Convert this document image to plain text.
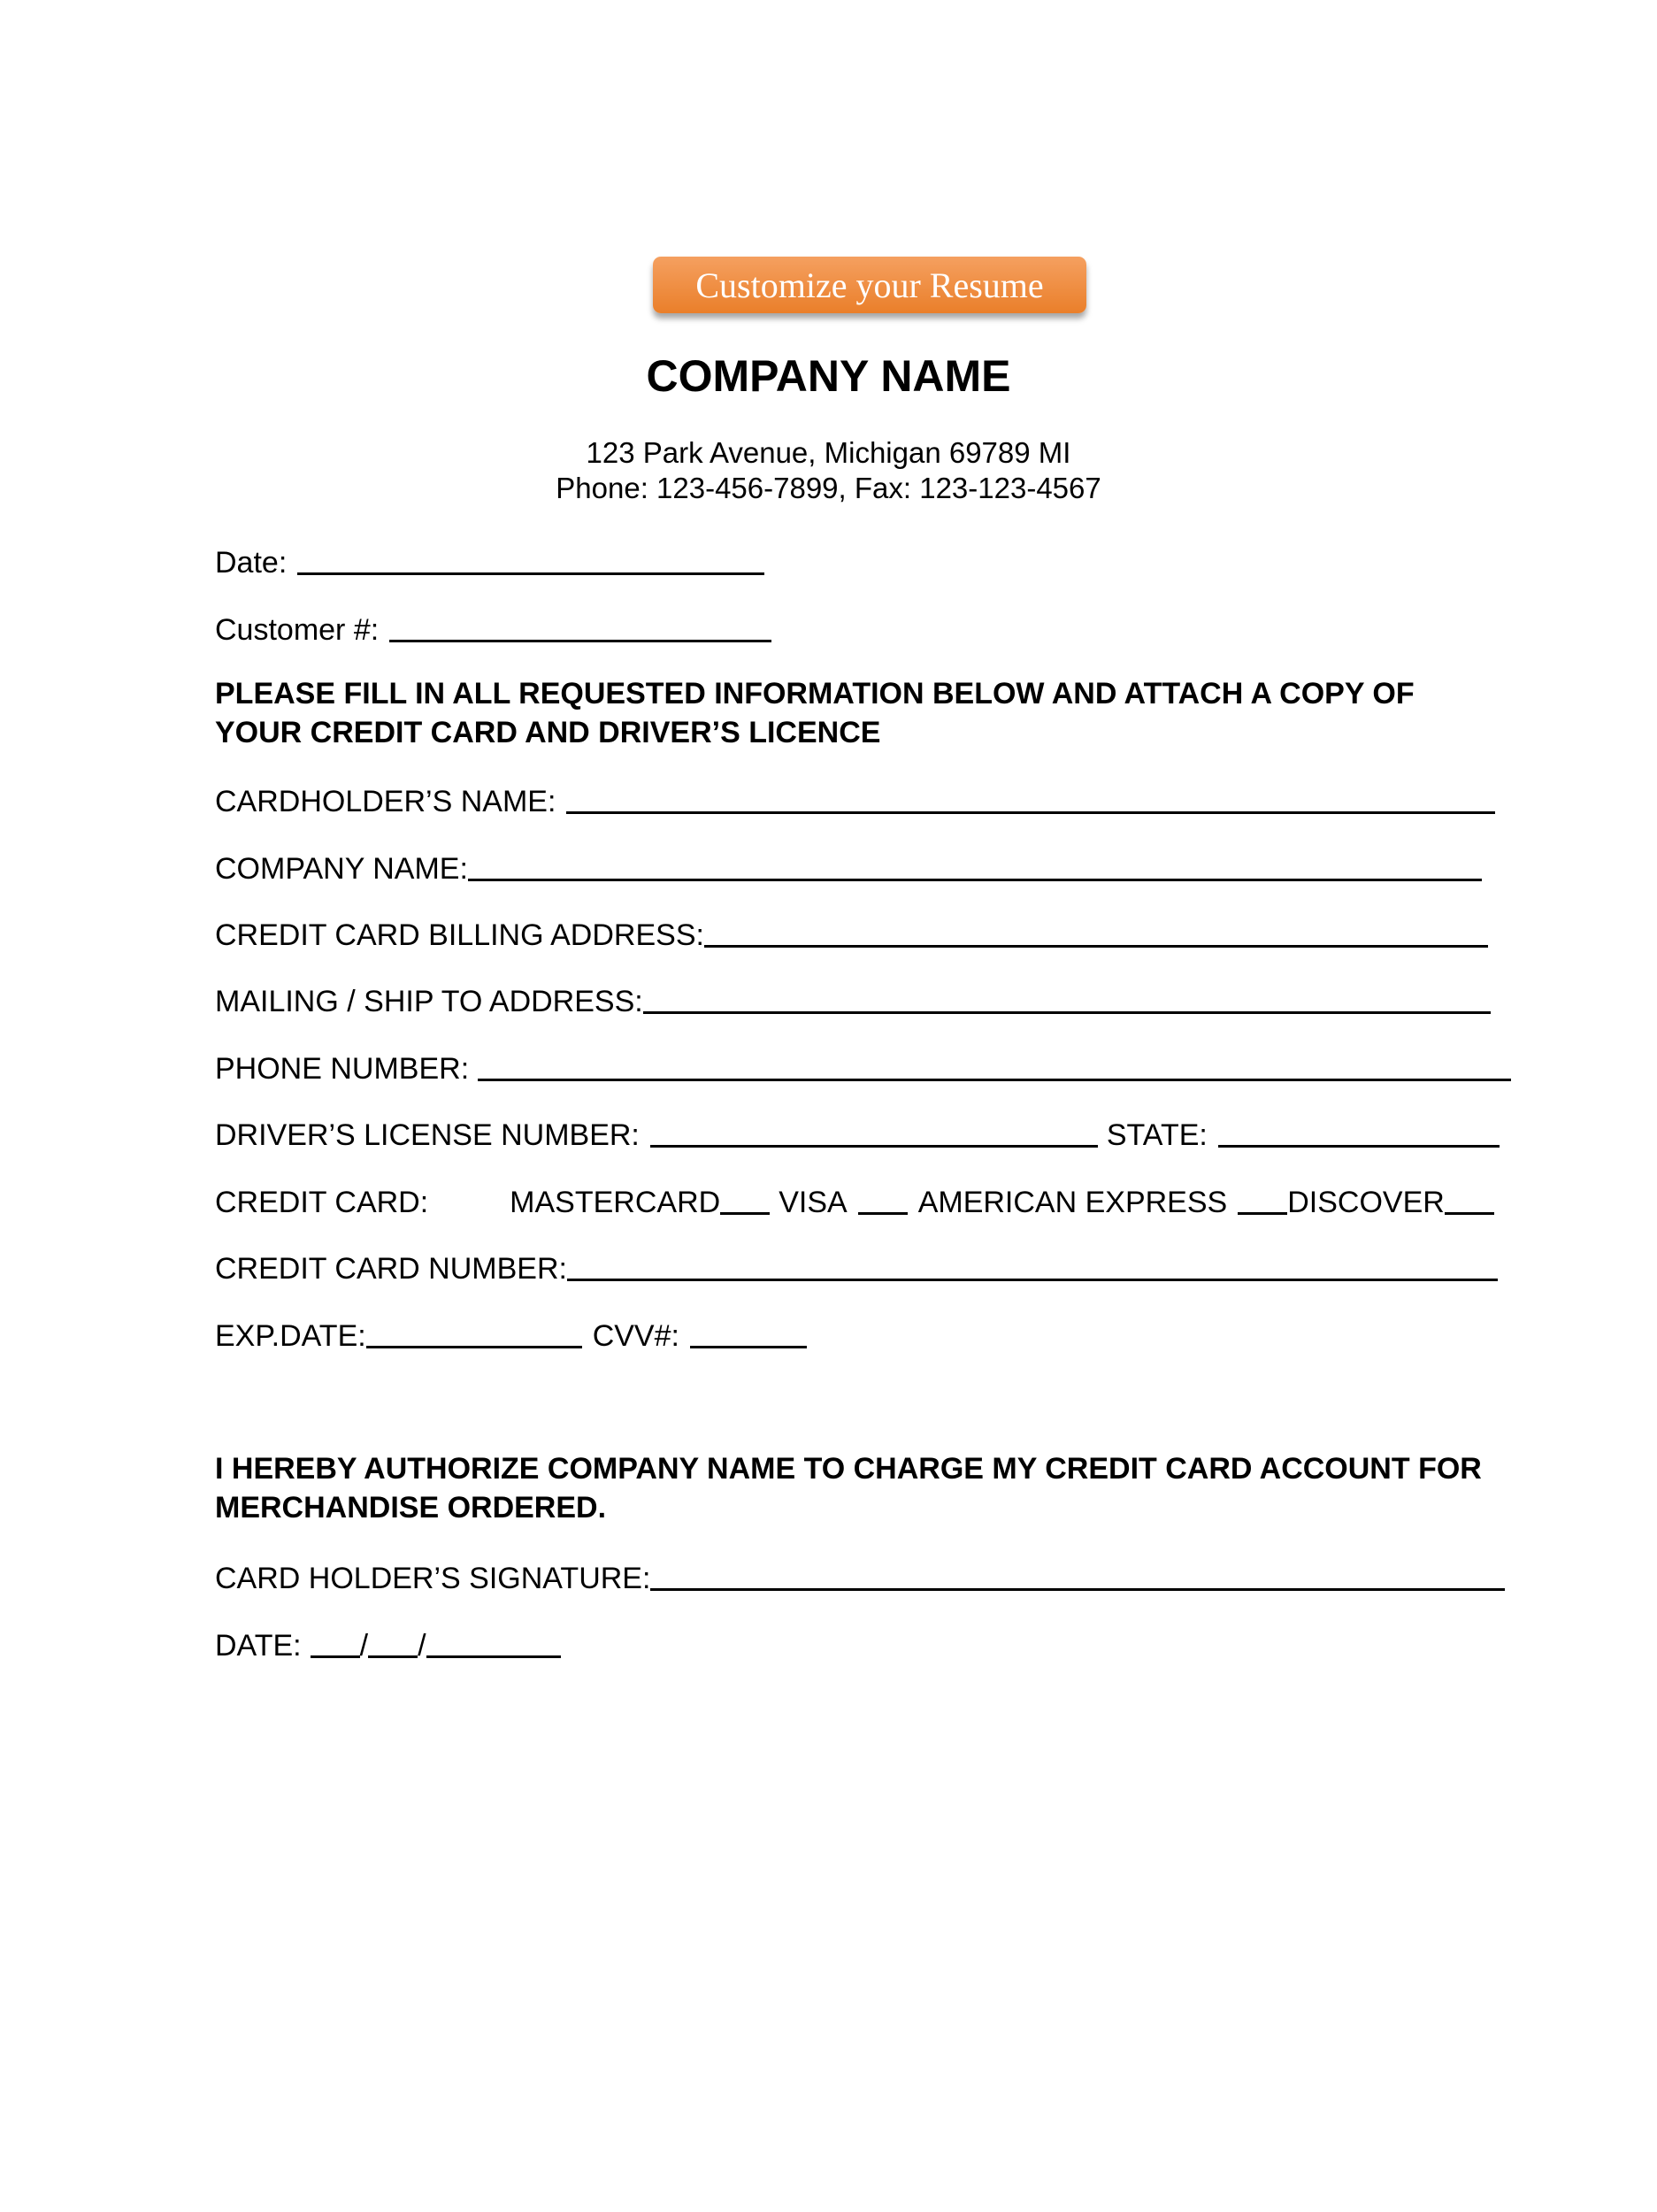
Customize your Resume
COMPANY NAME
123 Park Avenue, Michigan 69789 MI
Phone: 123-456-7899, Fax: 123-123-4567
Date:
Customer #:
PLEASE FILL IN ALL REQUESTED INFORMATION BELOW AND ATTACH A COPY OF
YOUR CREDIT CARD AND DRIVER’S LICENCE
CARDHOLDER’S NAME:
COMPANY NAME:
CREDIT CARD BILLING ADDRESS:
MAILING / SHIP TO ADDRESS:
PHONE NUMBER:
DRIVER’S LICENSE NUMBER:	STATE:
CREDIT CARD:	MASTERCARD VISA AMERICAN EXPRESS DISCOVER
CREDIT CARD NUMBER:
EXP.DATE:	CVV#:
I HEREBY AUTHORIZE COMPANY NAME TO CHARGE MY CREDIT CARD ACCOUNT FOR
MERCHANDISE ORDERED.
CARD HOLDER’S SIGNATURE:
DATE: / /
